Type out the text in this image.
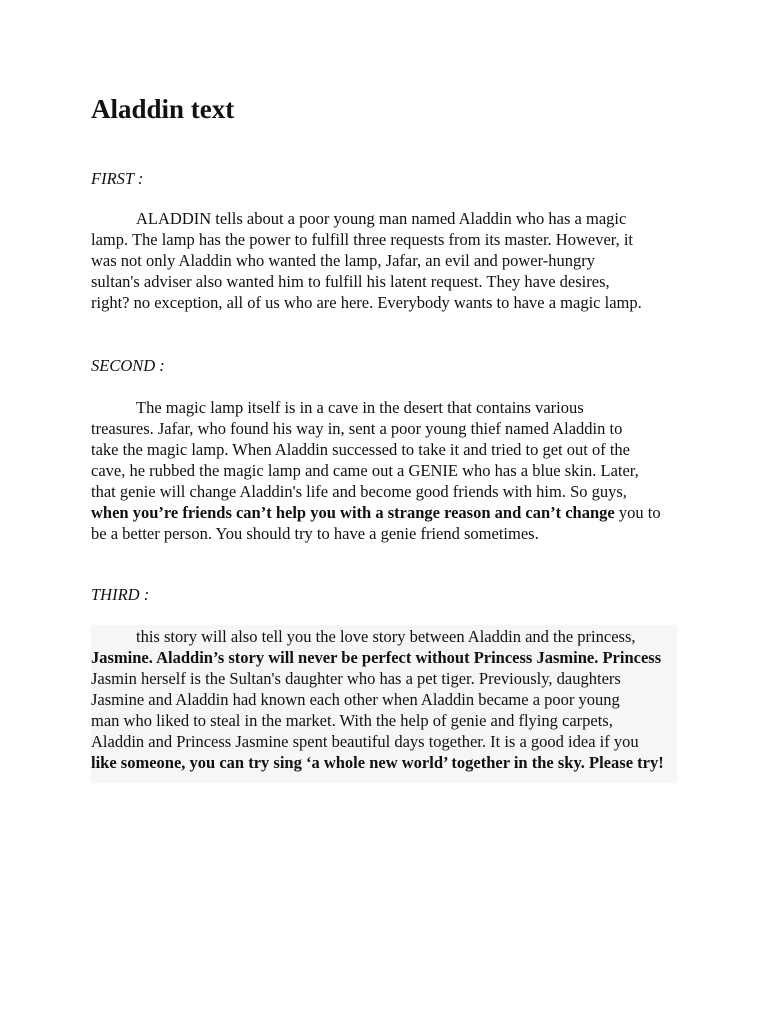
Aladdin text

FIRST :

ALADDIN tells about a poor young man named Aladdin who has a magic
lamp. The lamp has the power to fulfill three requests from its master. However, it
was not only Aladdin who wanted the lamp, Jafar, an evil and power-hungry
sultan's adviser also wanted him to fulfill his latent request. They have desires,
right? no exception, all of us who are here. Everybody wants to have a magic lamp.

SECOND :

The magic lamp itself is in a cave in the desert that contains various
treasures. Jafar, who found his way in, sent a poor young thief named Aladdin to
take the magic lamp. When Aladdin successed to take it and tried to get out of the
cave, he rubbed the magic lamp and came out a GENIE who has a blue skin. Later,
that genie will change Aladdin's life and become good friends with him. So guys,
when you’re friends can’t help you with a strange reason and can’t change you to
be a better person. You should try to have a genie friend sometimes.

THIRD :

this story will also tell you the love story between Aladdin and the princess,
Jasmine. Aladdin’s story will never be perfect without Princess Jasmine. Princess
Jasmin herself is the Sultan's daughter who has a pet tiger. Previously, daughters
Jasmine and Aladdin had known each other when Aladdin became a poor young
man who liked to steal in the market. With the help of genie and flying carpets,
Aladdin and Princess Jasmine spent beautiful days together. It is a good idea if you
like someone, you can try sing ‘a whole new world’ together in the sky. Please try!
